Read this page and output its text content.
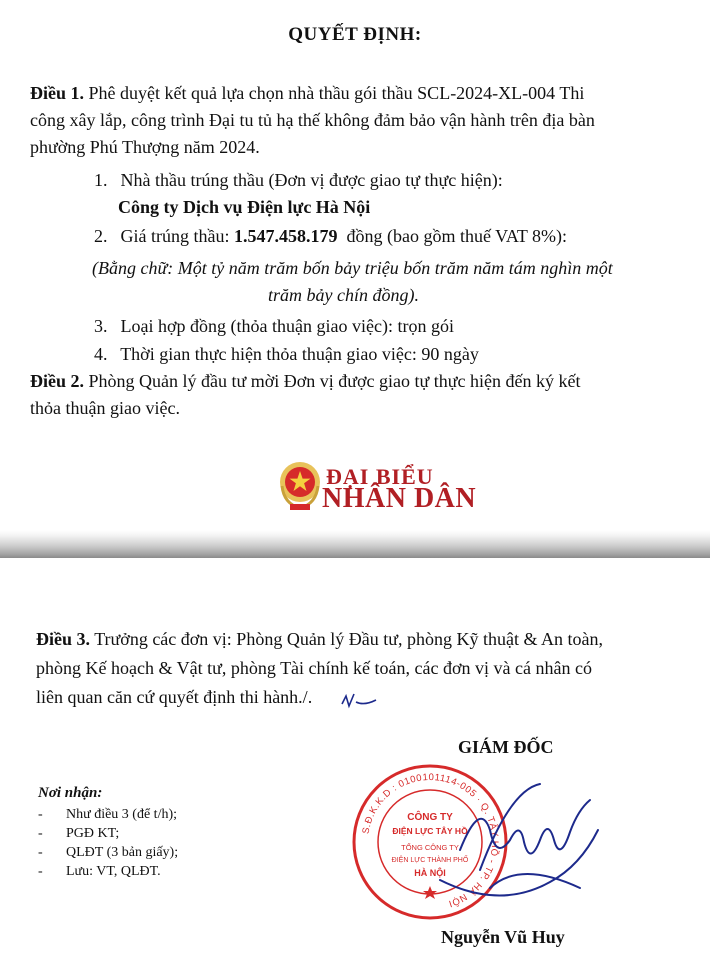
QUYẾT ĐỊNH:
Điều 1. Phê duyệt kết quả lựa chọn nhà thầu gói thầu SCL-2024-XL-004 Thi
công xây lắp, công trình Đại tu tủ hạ thế không đảm bảo vận hành trên địa bàn
phường Phú Thượng năm 2024.
1. Nhà thầu trúng thầu (Đơn vị được giao tự thực hiện):
Công ty Dịch vụ Điện lực Hà Nội
2. Giá trúng thầu: 1.547.458.179  đồng (bao gồm thuế VAT 8%):
(Bằng chữ: Một tỷ năm trăm bốn bảy triệu bốn trăm năm tám nghìn một
trăm bảy chín đồng).
3. Loại hợp đồng (thỏa thuận giao việc): trọn gói
4. Thời gian thực hiện thỏa thuận giao việc: 90 ngày
Điều 2. Phòng Quản lý đầu tư mời Đơn vị được giao tự thực hiện đến ký kết
thỏa thuận giao việc.
ĐẠI BIỂU
NHÂN DÂN
Điều 3. Trưởng các đơn vị: Phòng Quản lý Đầu tư, phòng Kỹ thuật & An toàn,
phòng Kế hoạch & Vật tư, phòng Tài chính kế toán, các đơn vị và cá nhân có
liên quan căn cứ quyết định thi hành./.
GIÁM ĐỐC
Nơi nhận:
- Như điều 3 (để t/h);
- PGĐ KT;
- QLĐT (3 bản giấy);
- Lưu: VT, QLĐT.
S.Đ.K.K.D : 0100101114-005 · Q. TÂY HỒ - TP. HÀ NỘI
CÔNG TY
ĐIỆN LỰC TÂY HỒ
TỔNG CÔNG TY
ĐIỆN LỰC THÀNH PHỐ
HÀ NỘI
Nguyễn Vũ Huy
